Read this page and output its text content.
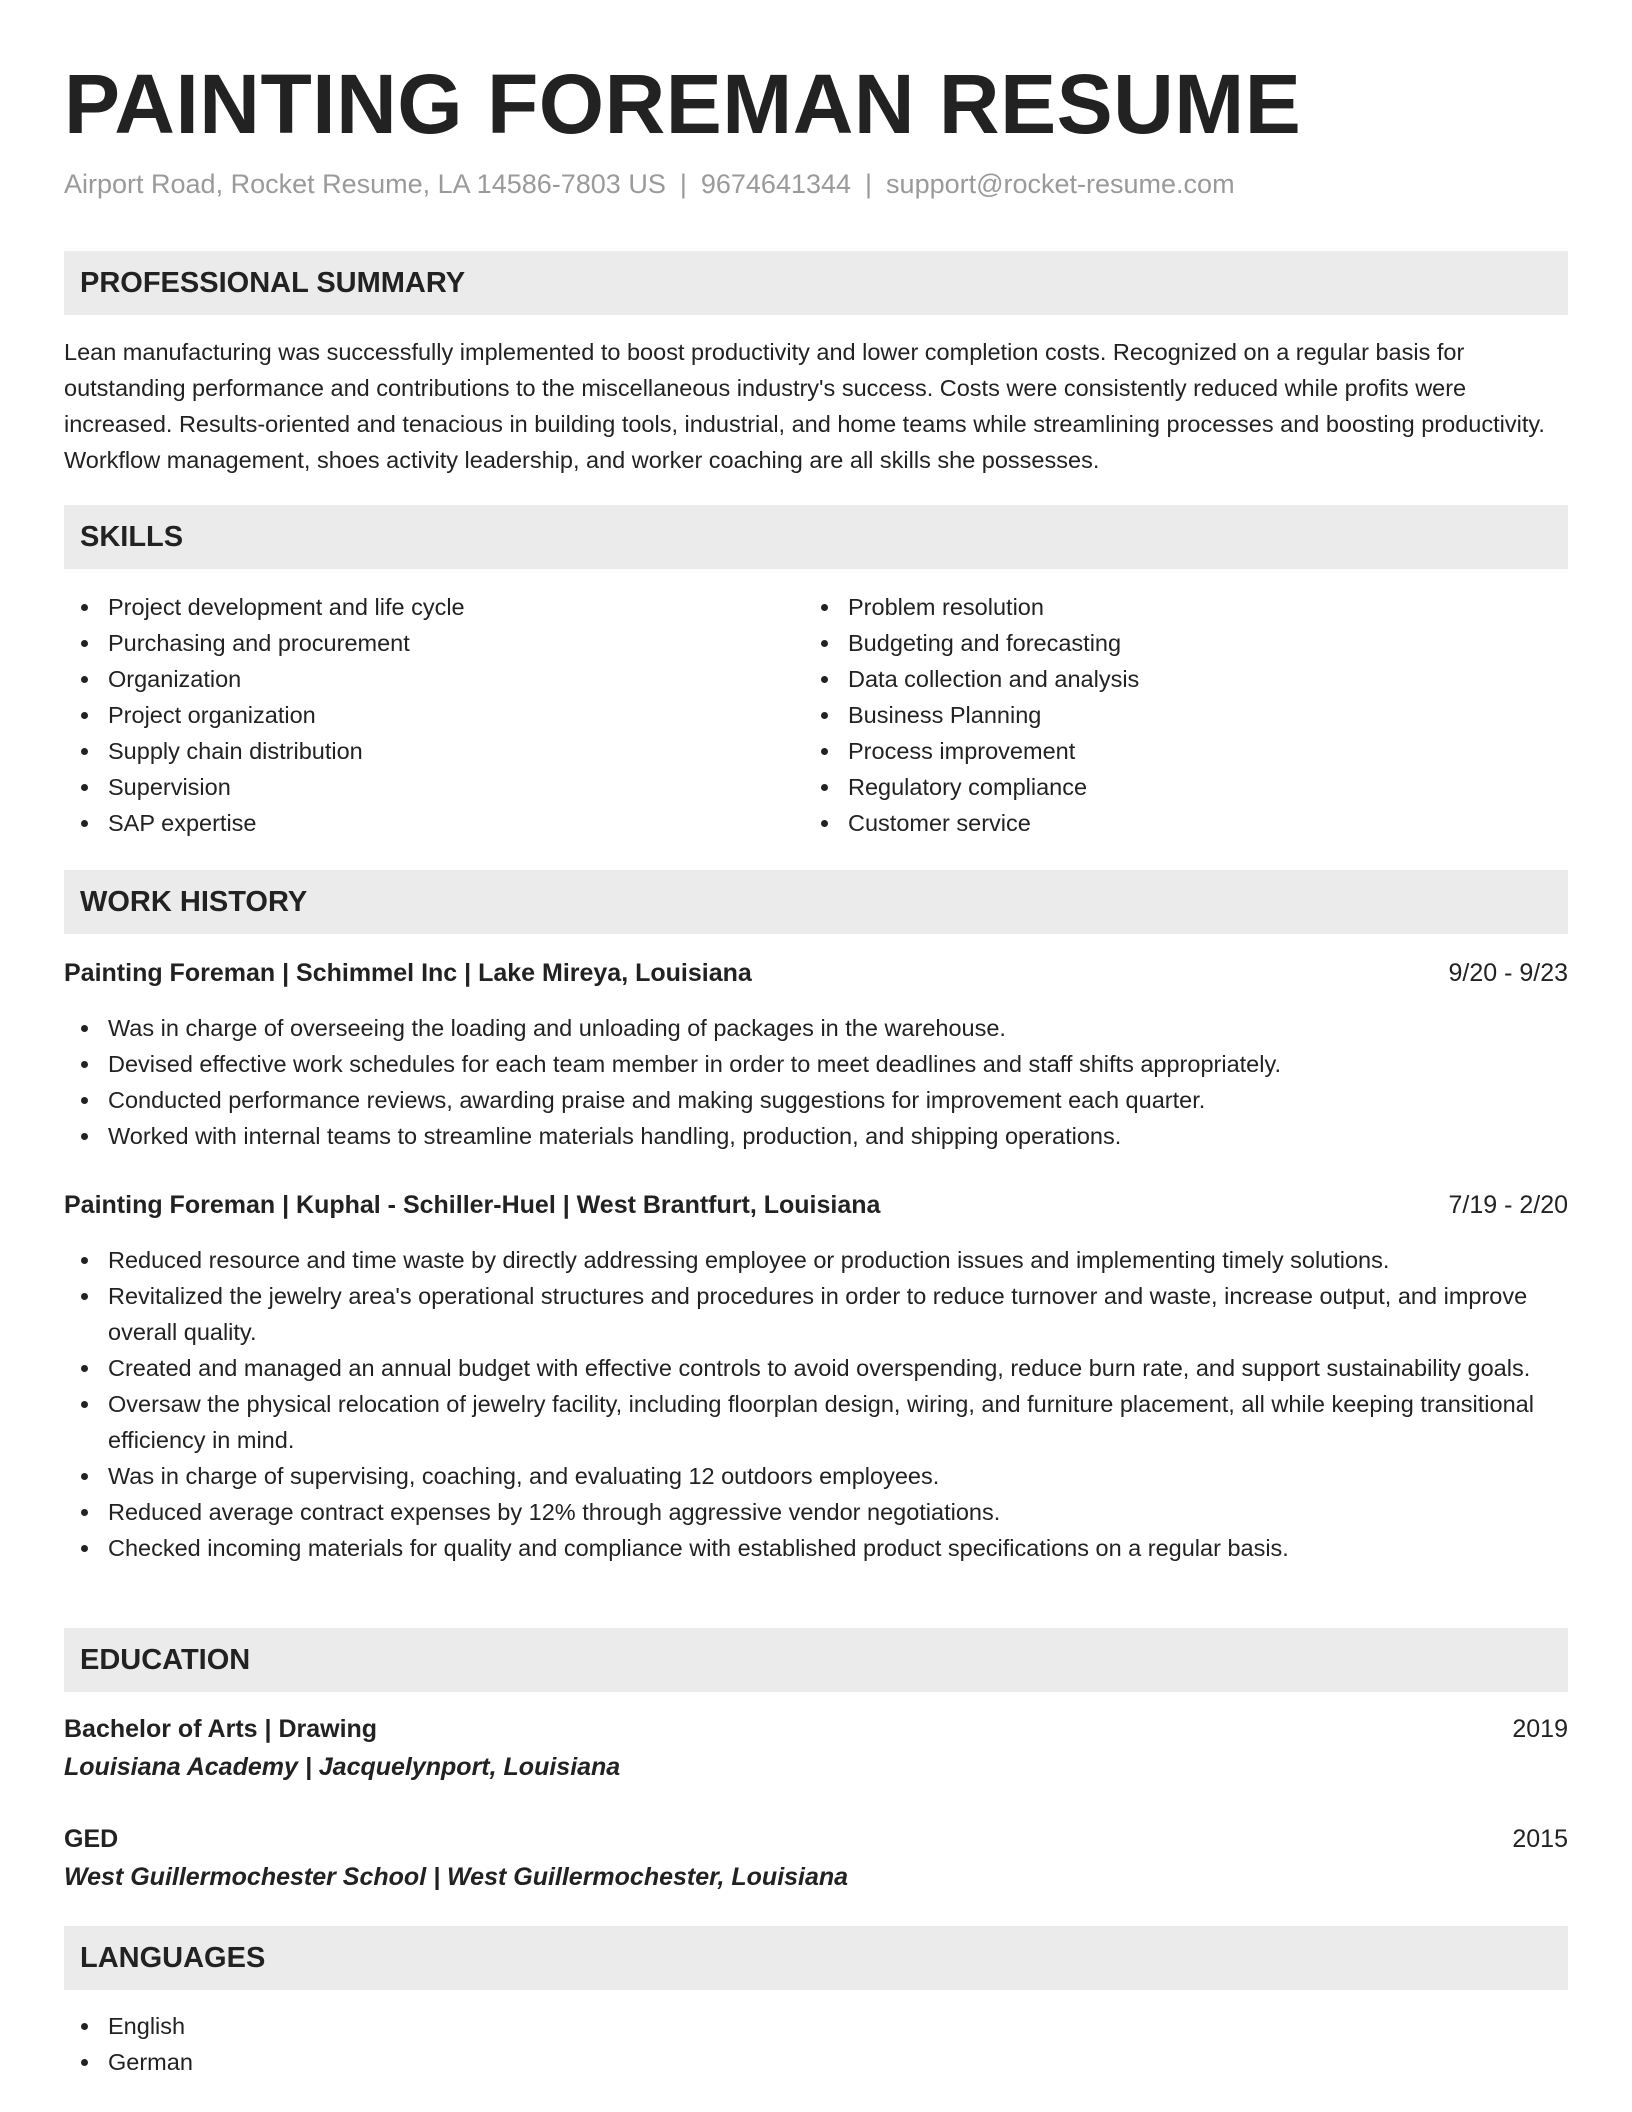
PAINTING FOREMAN RESUME
Airport Road, Rocket Resume, LA 14586-7803 US | 9674641344 | support@rocket-resume.com
PROFESSIONAL SUMMARY

Lean manufacturing was successfully implemented to boost productivity and lower completion costs. Recognized on a regular basis for outstanding performance and contributions to the miscellaneous industry's success. Costs were consistently reduced while profits were increased. Results-oriented and tenacious in building tools, industrial, and home teams while streamlining processes and boosting productivity. Workflow management, shoes activity leadership, and worker coaching are all skills she possesses.

SKILLS
Project development and life cycle
Purchasing and procurement
Organization
Project organization
Supply chain distribution
Supervision
SAP expertise
Problem resolution
Budgeting and forecasting
Data collection and analysis
Business Planning
Process improvement
Regulatory compliance
Customer service
WORK HISTORY
Painting Foreman | Schimmel Inc | Lake Mireya, Louisiana	9/20 - 9/23
Was in charge of overseeing the loading and unloading of packages in the warehouse.
Devised effective work schedules for each team member in order to meet deadlines and staff shifts appropriately.
Conducted performance reviews, awarding praise and making suggestions for improvement each quarter.
Worked with internal teams to streamline materials handling, production, and shipping operations.
Painting Foreman | Kuphal - Schiller-Huel | West Brantfurt, Louisiana	7/19 - 2/20
Reduced resource and time waste by directly addressing employee or production issues and implementing timely solutions.
Revitalized the jewelry area's operational structures and procedures in order to reduce turnover and waste, increase output, and improve overall quality.
Created and managed an annual budget with effective controls to avoid overspending, reduce burn rate, and support sustainability goals.
Oversaw the physical relocation of jewelry facility, including floorplan design, wiring, and furniture placement, all while keeping transitional efficiency in mind.
Was in charge of supervising, coaching, and evaluating 12 outdoors employees.
Reduced average contract expenses by 12% through aggressive vendor negotiations.
Checked incoming materials for quality and compliance with established product specifications on a regular basis.
EDUCATION
Bachelor of Arts | Drawing	2019
Louisiana Academy | Jacquelynport, Louisiana
GED	2015
West Guillermochester School | West Guillermochester, Louisiana
LANGUAGES
English
German
